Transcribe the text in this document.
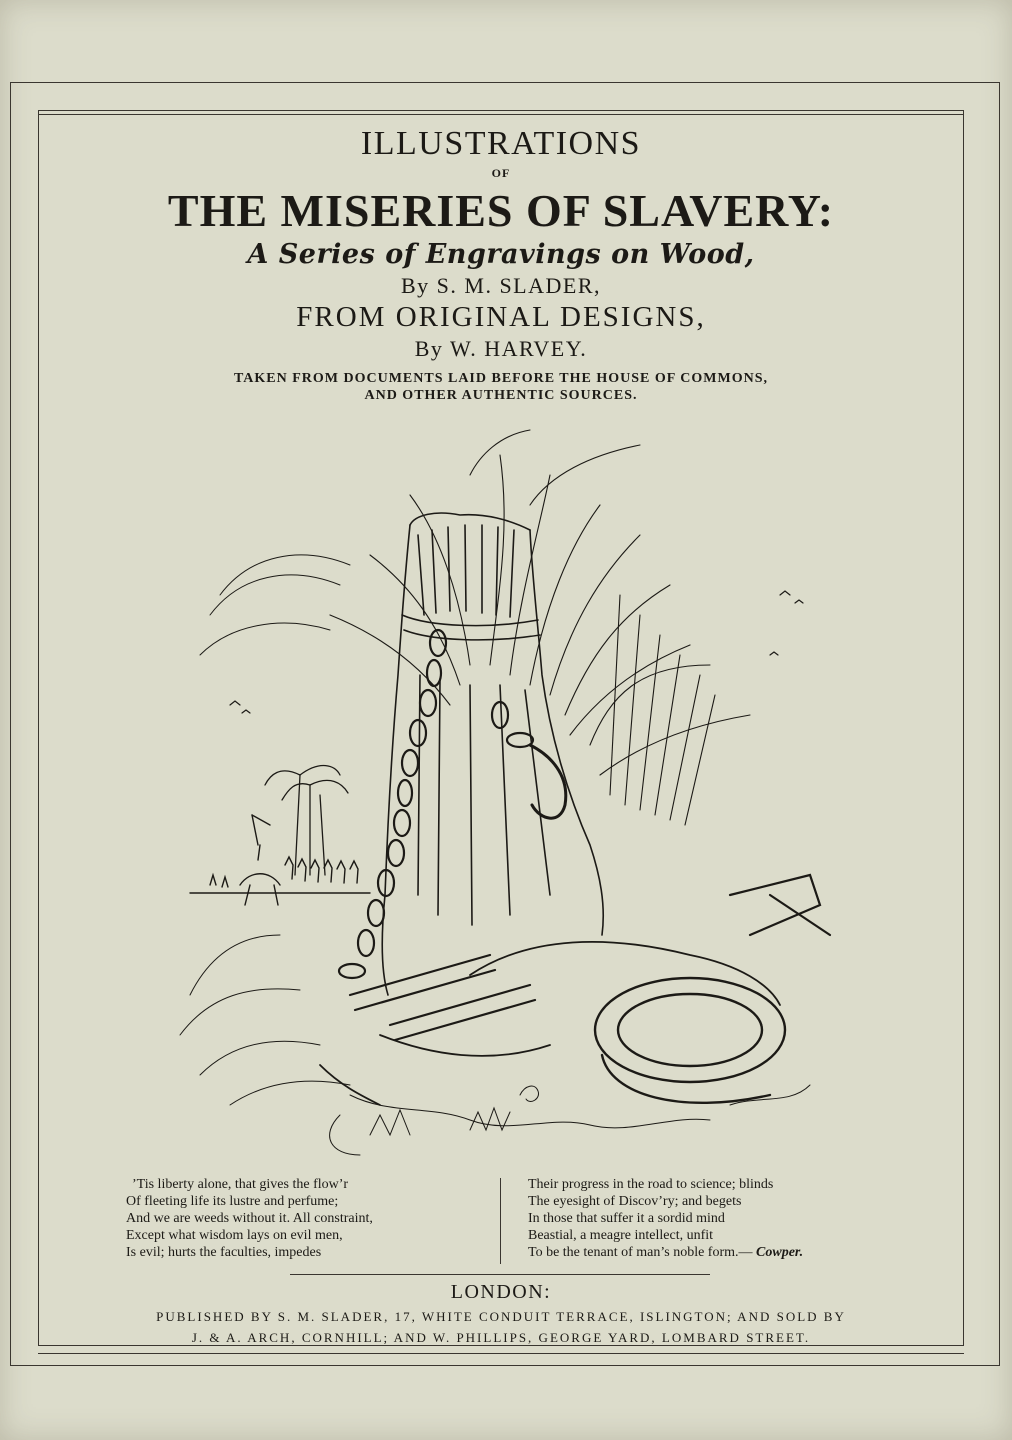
ILLUSTRATIONS
OF
THE MISERIES OF SLAVERY:
A Series of Engravings on Wood,
By S. M. SLADER,
FROM ORIGINAL DESIGNS,
By W. HARVEY.
TAKEN FROM DOCUMENTS LAID BEFORE THE HOUSE OF COMMONS,
AND OTHER AUTHENTIC SOURCES.
’Tis liberty alone, that gives the flow’r
Of fleeting life its lustre and perfume;
And we are weeds without it. All constraint,
Except what wisdom lays on evil men,
Is evil; hurts the faculties, impedes
Their progress in the road to science; blinds
The eyesight of Discov’ry; and begets
In those that suffer it a sordid mind
Beastial, a meagre intellect, unfit
To be the tenant of man’s noble form.— Cowper.
LONDON:
PUBLISHED BY S. M. SLADER, 17, WHITE CONDUIT TERRACE, ISLINGTON; AND SOLD BY
J. & A. ARCH, CORNHILL; AND W. PHILLIPS, GEORGE YARD, LOMBARD STREET.
